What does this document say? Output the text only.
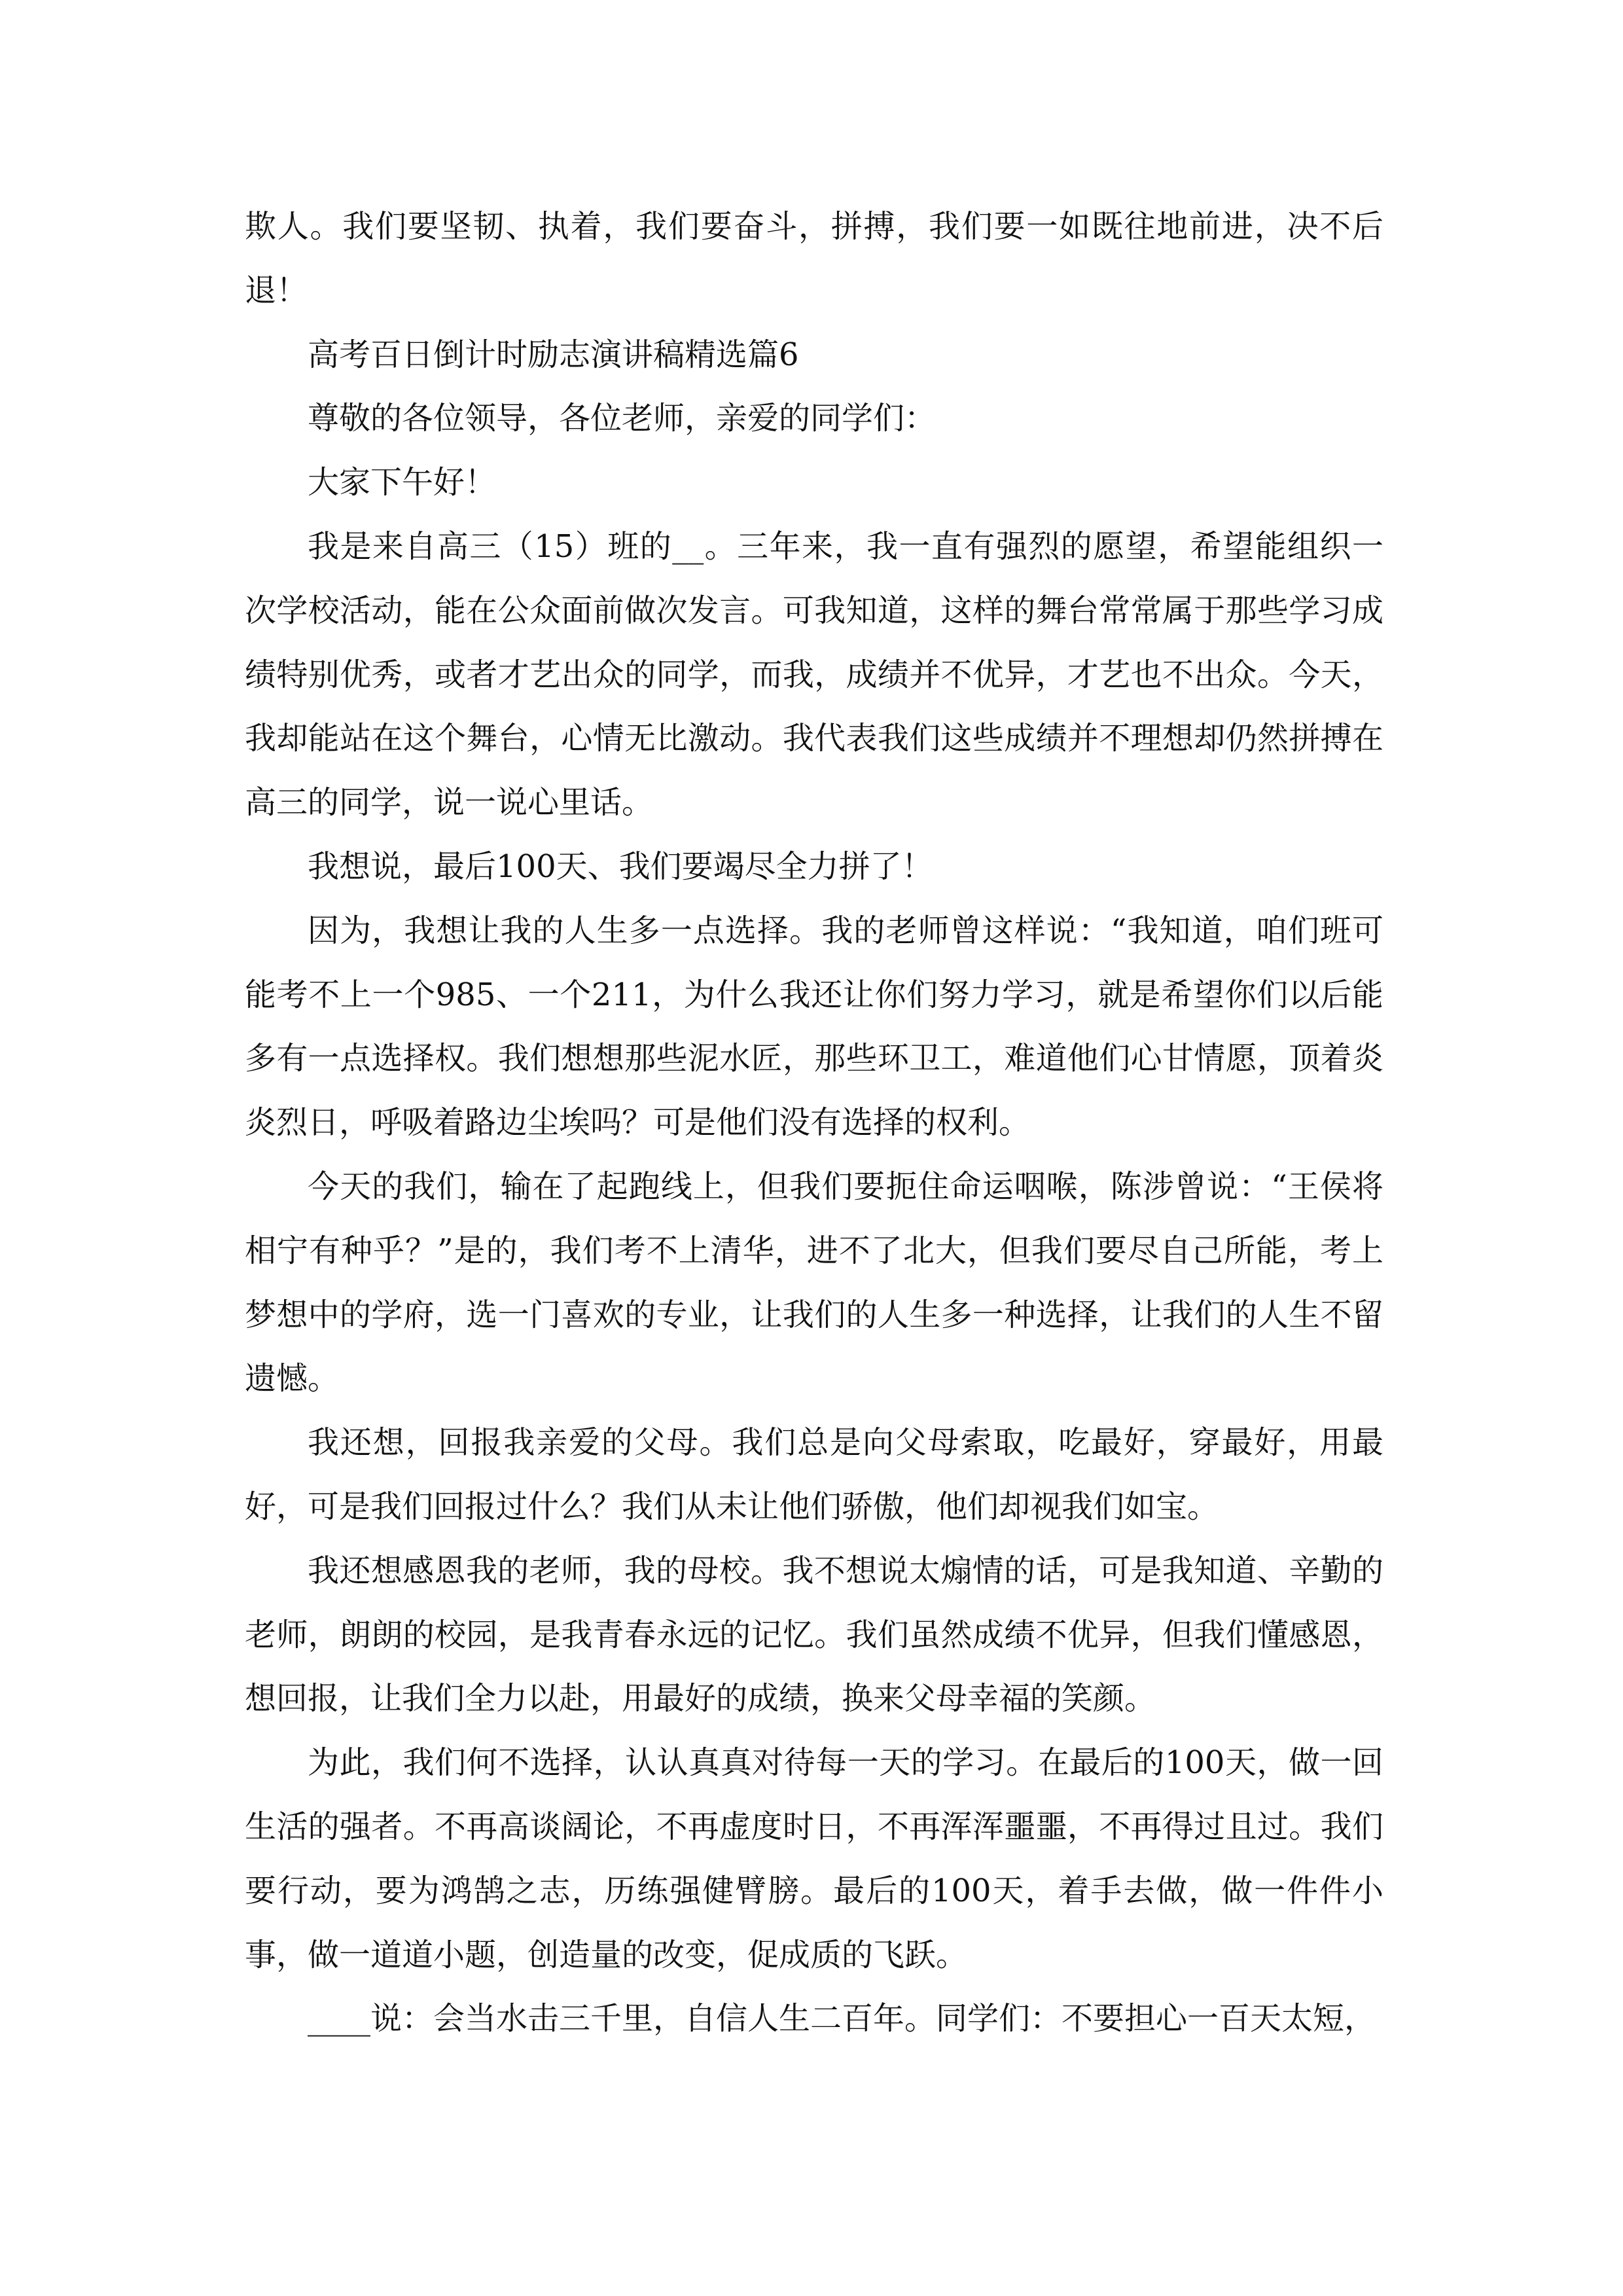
欺人。我们要坚韧、执着，我们要奋斗，拼搏，我们要一如既往地前进，决不后退！

高考百日倒计时励志演讲稿精选篇6

尊敬的各位领导，各位老师，亲爱的同学们：

大家下午好！

我是来自高三（15）班的__。三年来，我一直有强烈的愿望，希望能组织一次学校活动，能在公众面前做次发言。可我知道，这样的舞台常常属于那些学习成绩特别优秀，或者才艺出众的同学，而我，成绩并不优异，才艺也不出众。今天，我却能站在这个舞台，心情无比激动。我代表我们这些成绩并不理想却仍然拼搏在高三的同学，说一说心里话。

我想说，最后100天、我们要竭尽全力拼了！

因为，我想让我的人生多一点选择。我的老师曾这样说：“我知道，咱们班可能考不上一个985、一个211，为什么我还让你们努力学习，就是希望你们以后能多有一点选择权。我们想想那些泥水匠，那些环卫工，难道他们心甘情愿，顶着炎炎烈日，呼吸着路边尘埃吗？可是他们没有选择的权利。

今天的我们，输在了起跑线上，但我们要扼住命运咽喉，陈涉曾说：“王侯将相宁有种乎？”是的，我们考不上清华，进不了北大，但我们要尽自己所能，考上梦想中的学府，选一门喜欢的专业，让我们的人生多一种选择，让我们的人生不留遗憾。

我还想，回报我亲爱的父母。我们总是向父母索取，吃最好，穿最好，用最好，可是我们回报过什么？我们从未让他们骄傲，他们却视我们如宝。

我还想感恩我的老师，我的母校。我不想说太煽情的话，可是我知道、辛勤的老师，朗朗的校园，是我青春永远的记忆。我们虽然成绩不优异，但我们懂感恩，想回报，让我们全力以赴，用最好的成绩，换来父母幸福的笑颜。

为此，我们何不选择，认认真真对待每一天的学习。在最后的100天，做一回生活的强者。不再高谈阔论，不再虚度时日，不再浑浑噩噩，不再得过且过。我们要行动，要为鸿鹄之志，历练强健臂膀。最后的100天，着手去做，做一件件小事，做一道道小题，创造量的改变，促成质的飞跃。

____说：会当水击三千里，自信人生二百年。同学们：不要担心一百天太短，
